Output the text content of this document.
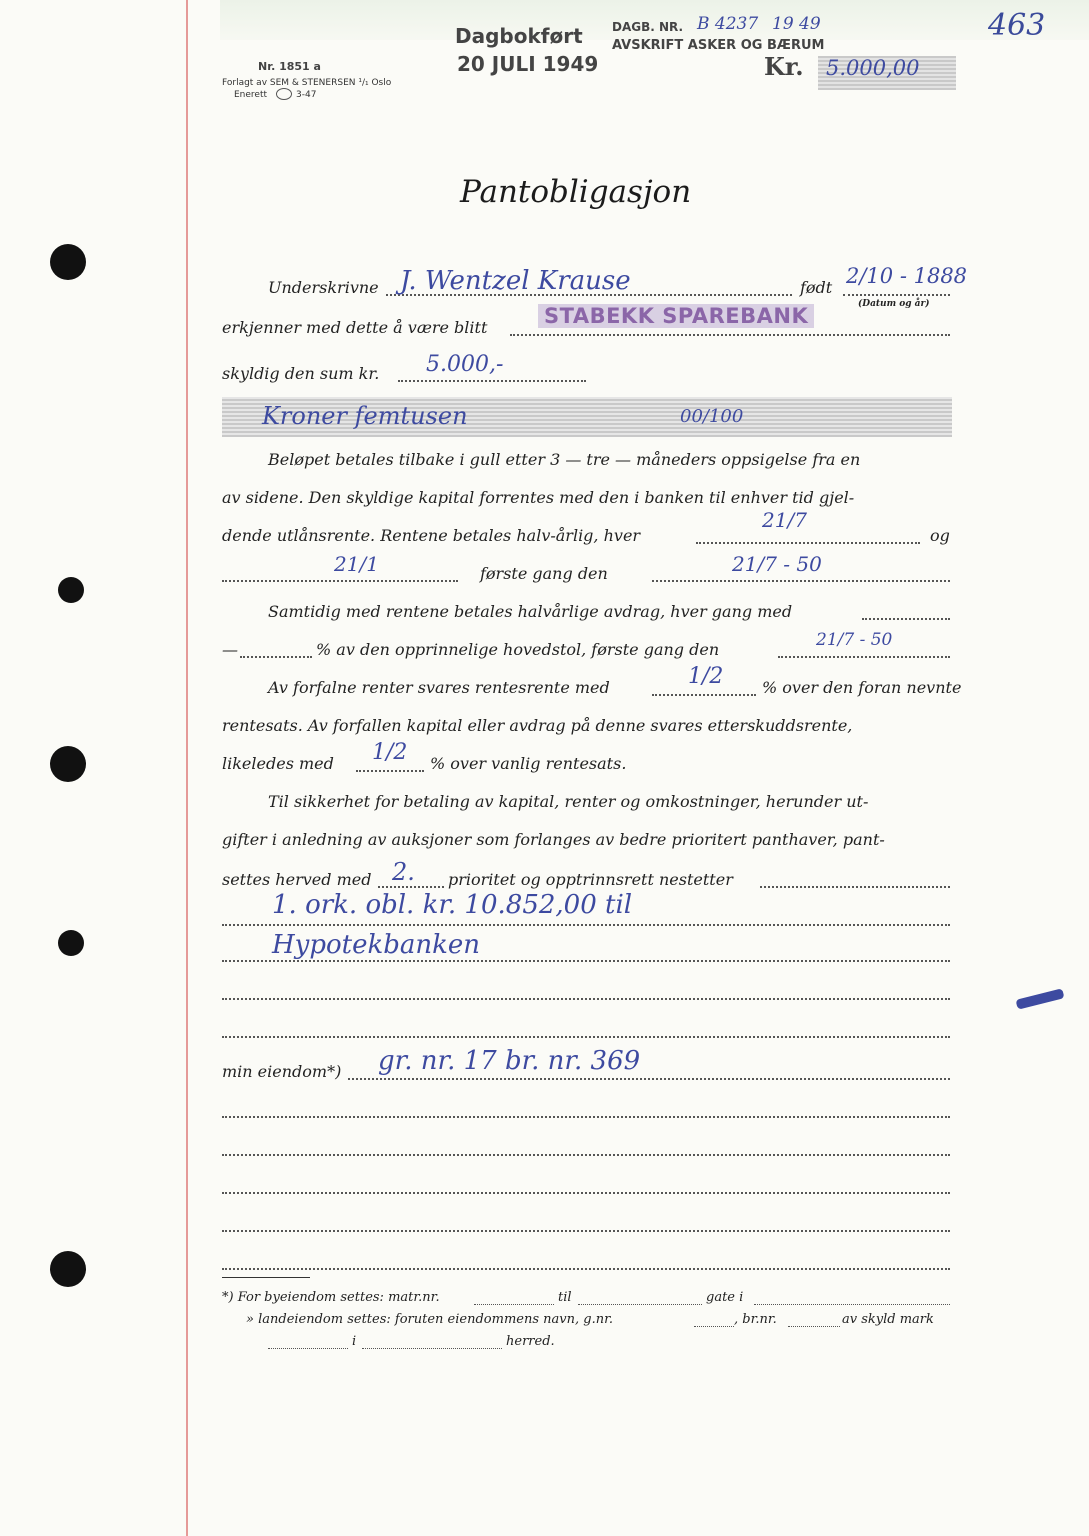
Nr. 1851 a
Forlagt av SEM & STENERSEN ¹/₁ Oslo
Enerett	3-47
Dagbokført
20 JULI 1949
DAGB. NR. B 4237 19 49
AVSKRIFT ASKER OG BÆRUM
Kr. 5.000,00
463
Pantobligasjon
Underskrivne J. Wentzel Krause	født 2/10 - 1888
(Datum og år)
erkjenner med dette å være blitt	STABEKK SPAREBANK
skyldig den sum kr. 5.000,-
Kroner femtusen	00/100
Beløpet betales tilbake i gull etter 3 — tre — måneders oppsigelse fra en
av sidene. Den skyldige kapital forrentes med den i banken til enhver tid gjel-
dende utlånsrente. Rentene betales halv-årlig, hver
21/7
og
21/1	første gang den	21/7 - 50
Samtidig med rentene betales halvårlige avdrag, hver gang med
—	% av den opprinnelige hovedstol, første gang den	21/7 - 50
Av forfalne renter svares rentesrente med	1/2 % over den foran nevnte
rentesats. Av forfallen kapital eller avdrag på denne svares etterskuddsrente,
likeledes med 1/2 % over vanlig rentesats.
Til sikkerhet for betaling av kapital, renter og omkostninger, herunder ut-
gifter i anledning av auksjoner som forlanges av bedre prioritert panthaver, pant-
settes herved med 2. prioritet og opptrinnsrett nestetter
1. ork. obl. kr. 10.852,00 til
Hypotekbanken
min eiendom*) gr. nr. 17 br. nr. 369
*) For byeiendom settes: matr.nr.	til	gate i
» landeiendom settes: foruten eiendommens navn, g.nr.	, br.nr.	av skyld mark
i	herred.
